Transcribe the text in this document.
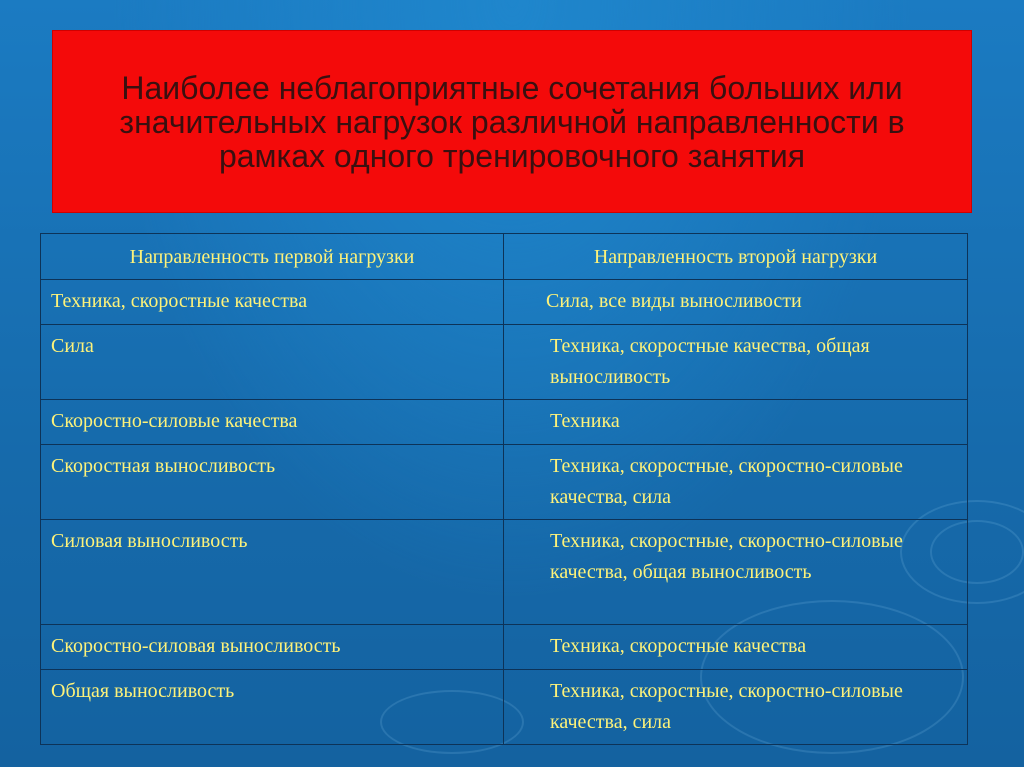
Наиболее неблагоприятные сочетания больших или значительных нагрузок различной направленности в рамках одного тренировочного занятия
Направленность первой нагрузки	Направленность второй нагрузки
Техника, скоростные качества	Сила, все виды выносливости
Сила	Техника, скоростные качества, общая выносливость
Скоростно-силовые качества	Техника
Скоростная выносливость	Техника, скоростные, скоростно-силовые качества, сила
Силовая выносливость	Техника, скоростные, скоростно-силовые качества, общая выносливость
Скоростно-силовая выносливость	Техника, скоростные качества
Общая выносливость	Техника, скоростные, скоростно-силовые качества, сила
